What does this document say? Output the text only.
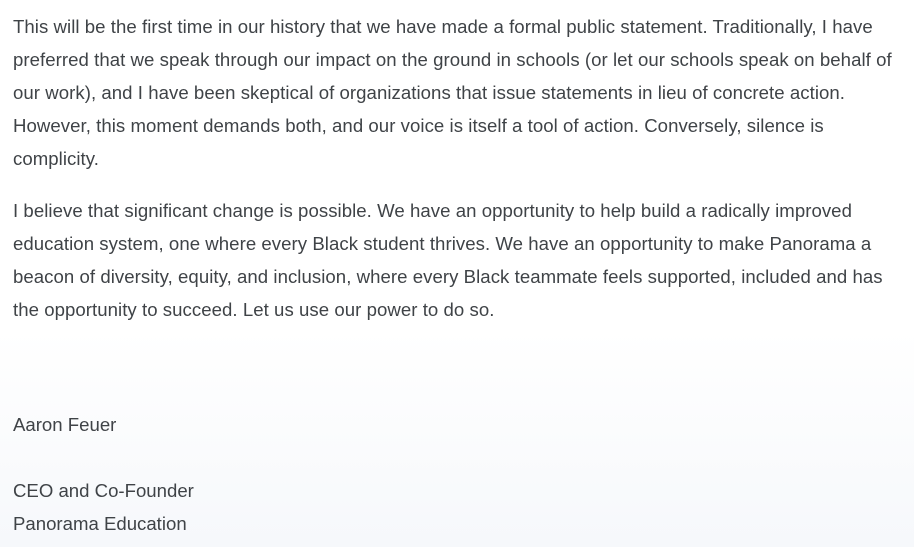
This will be the first time in our history that we have made a formal public statement. Traditionally, I have preferred that we speak through our impact on the ground in schools (or let our schools speak on behalf of our work), and I have been skeptical of organizations that issue statements in lieu of concrete action. However, this moment demands both, and our voice is itself a tool of action. Conversely, silence is complicity.

I believe that significant change is possible. We have an opportunity to help build a radically improved education system, one where every Black student thrives. We have an opportunity to make Panorama a beacon of diversity, equity, and inclusion, where every Black teammate feels supported, included and has the opportunity to succeed. Let us use our power to do so.

Aaron Feuer
CEO and Co-Founder
Panorama Education
